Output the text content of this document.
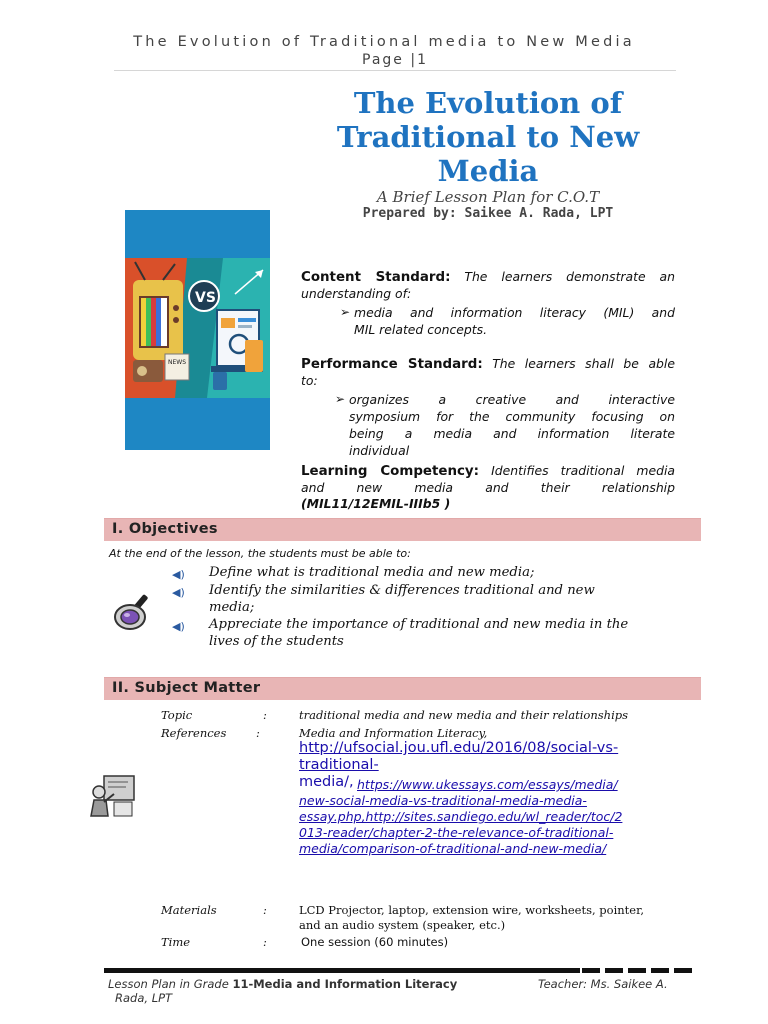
The Evolution of Traditional media to New Media
Page |1
The Evolution of
Traditional to New
Media
A Brief Lesson Plan for C.O.T
Prepared by: Saikee A. Rada, LPT
NEWS
VS
Content Standard: The learners demonstrate an
understanding of:
➢ media and information literacy (MIL) and
MIL related concepts.
Performance Standard: The learners shall be able
to:
➢ organizes a creative and interactive
symposium for the community focusing on
being a media and information literate
individual
Learning Competency: Identifies traditional media
and new media and their relationship
(MIL11/12EMIL-IIIb5 )
I. Objectives
At the end of the lesson, the students must be able to:
◀) Define what is traditional media and new media;
◀) Identify the similarities & differences traditional and new
media;
◀) Appreciate the importance of traditional and new media in the
lives of the students
II. Subject Matter
Topic	:	traditional media and new media and their relationships
References	:	Media and Information Literacy,
http://ufsocial.jou.ufl.edu/2016/08/social-vs-
traditional-
media/, https://www.ukessays.com/essays/media/
new-social-media-vs-traditional-media-media-
essay.php,http://sites.sandiego.edu/wl_reader/toc/2
013-reader/chapter-2-the-relevance-of-traditional-
media/comparison-of-traditional-and-new-media/
Materials	:	LCD Projector, laptop, extension wire, worksheets, pointer,
and an audio system (speaker, etc.)
Time	:	One session (60 minutes)
Lesson Plan in Grade 11-Media and Information Literacy	Teacher: Ms. Saikee A.
Rada, LPT
